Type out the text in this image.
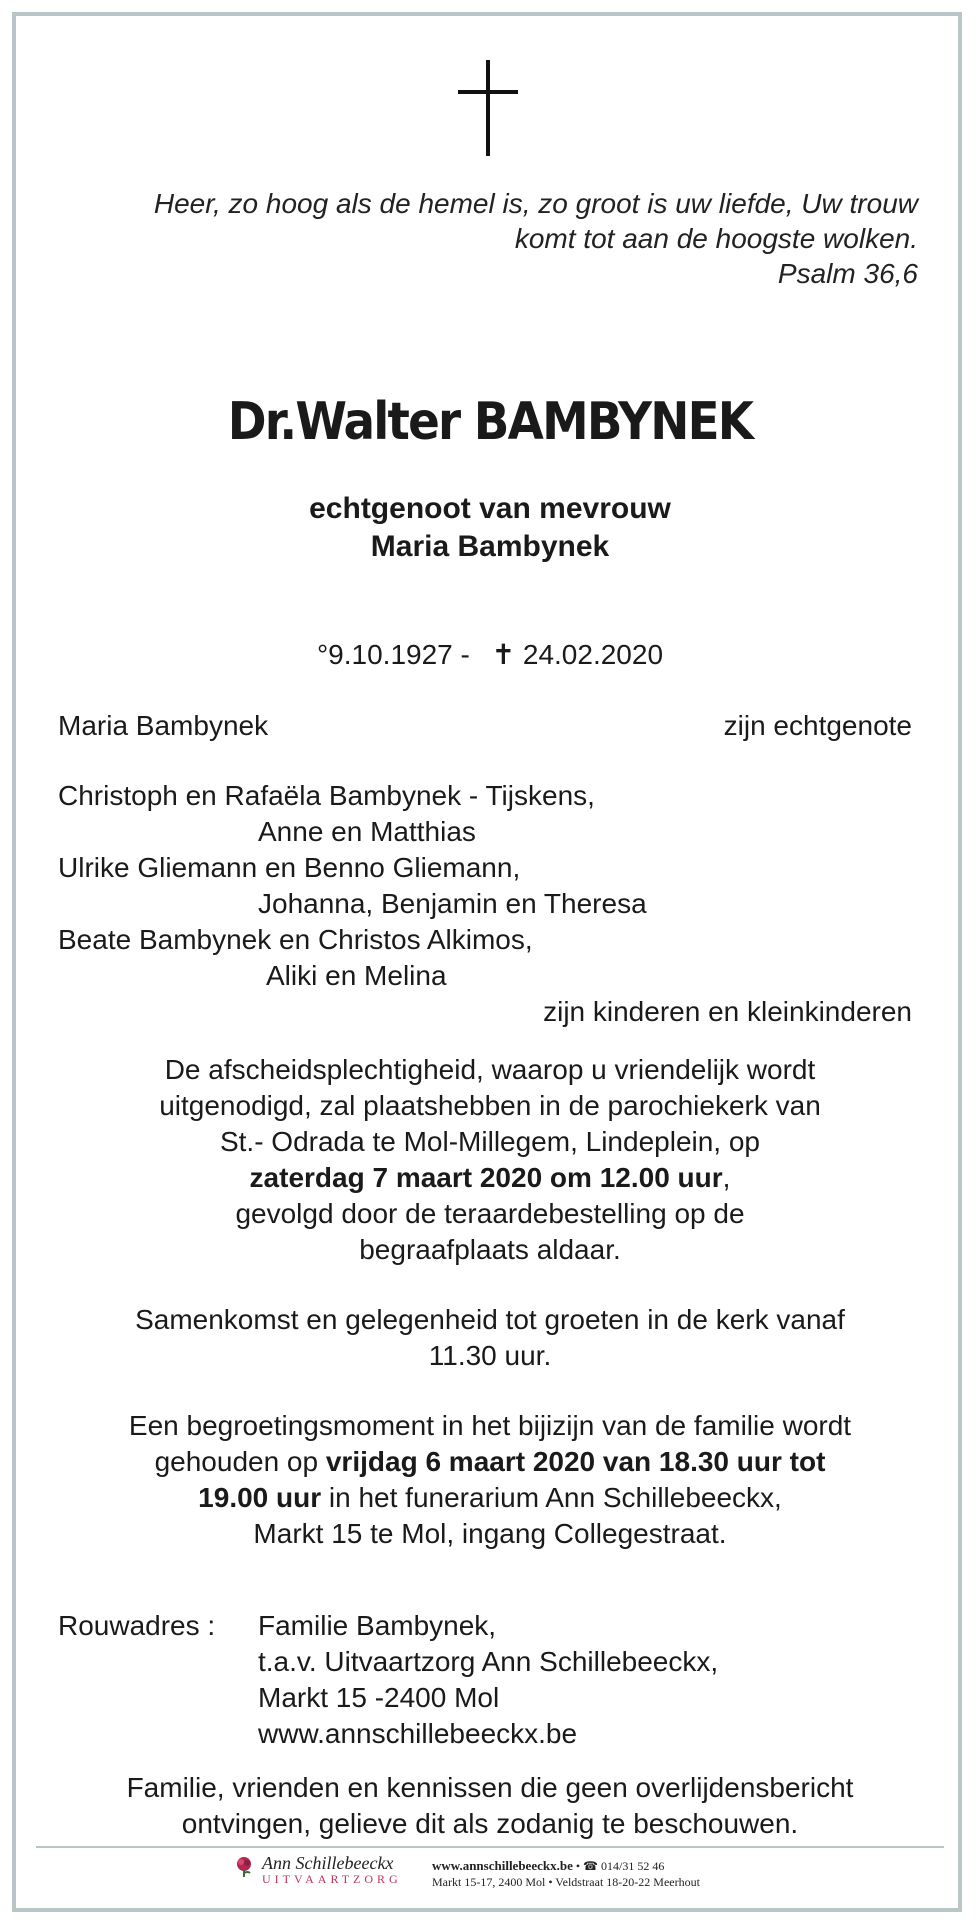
Heer, zo hoog als de hemel is, zo groot is uw liefde, Uw trouw
komt tot aan de hoogste wolken.
Psalm 36,6
Dr.Walter BAMBYNEK
echtgenoot van mevrouw
Maria Bambynek
°9.10.1927 - ✝ 24.02.2020
Maria Bambynek	zijn echtgenote
Christoph en Rafaëla Bambynek - Tijskens,
Anne en Matthias
Ulrike Gliemann en Benno Gliemann,
Johanna, Benjamin en Theresa
Beate Bambynek en Christos Alkimos,
Aliki en Melina
zijn kinderen en kleinkinderen
De afscheidsplechtigheid, waarop u vriendelijk wordt
uitgenodigd, zal plaatshebben in de parochiekerk van
St.- Odrada te Mol-Millegem, Lindeplein, op
zaterdag 7 maart 2020 om 12.00 uur,
gevolgd door de teraardebestelling op de
begraafplaats aldaar.
Samenkomst en gelegenheid tot groeten in de kerk vanaf
11.30 uur.
Een begroetingsmoment in het bijizijn van de familie wordt
gehouden op vrijdag 6 maart 2020 van 18.30 uur tot
19.00 uur in het funerarium Ann Schillebeeckx,
Markt 15 te Mol, ingang Collegestraat.
Rouwadres : Familie Bambynek,
t.a.v. Uitvaartzorg Ann Schillebeeckx,
Markt 15 -2400 Mol
www.annschillebeeckx.be
Familie, vrienden en kennissen die geen overlijdensbericht
ontvingen, gelieve dit als zodanig te beschouwen.
Ann Schillebeeckx
UITVAARTZORG
www.annschillebeeckx.be • ☎ 014/31 52 46
Markt 15-17, 2400 Mol • Veldstraat 18-20-22 Meerhout
